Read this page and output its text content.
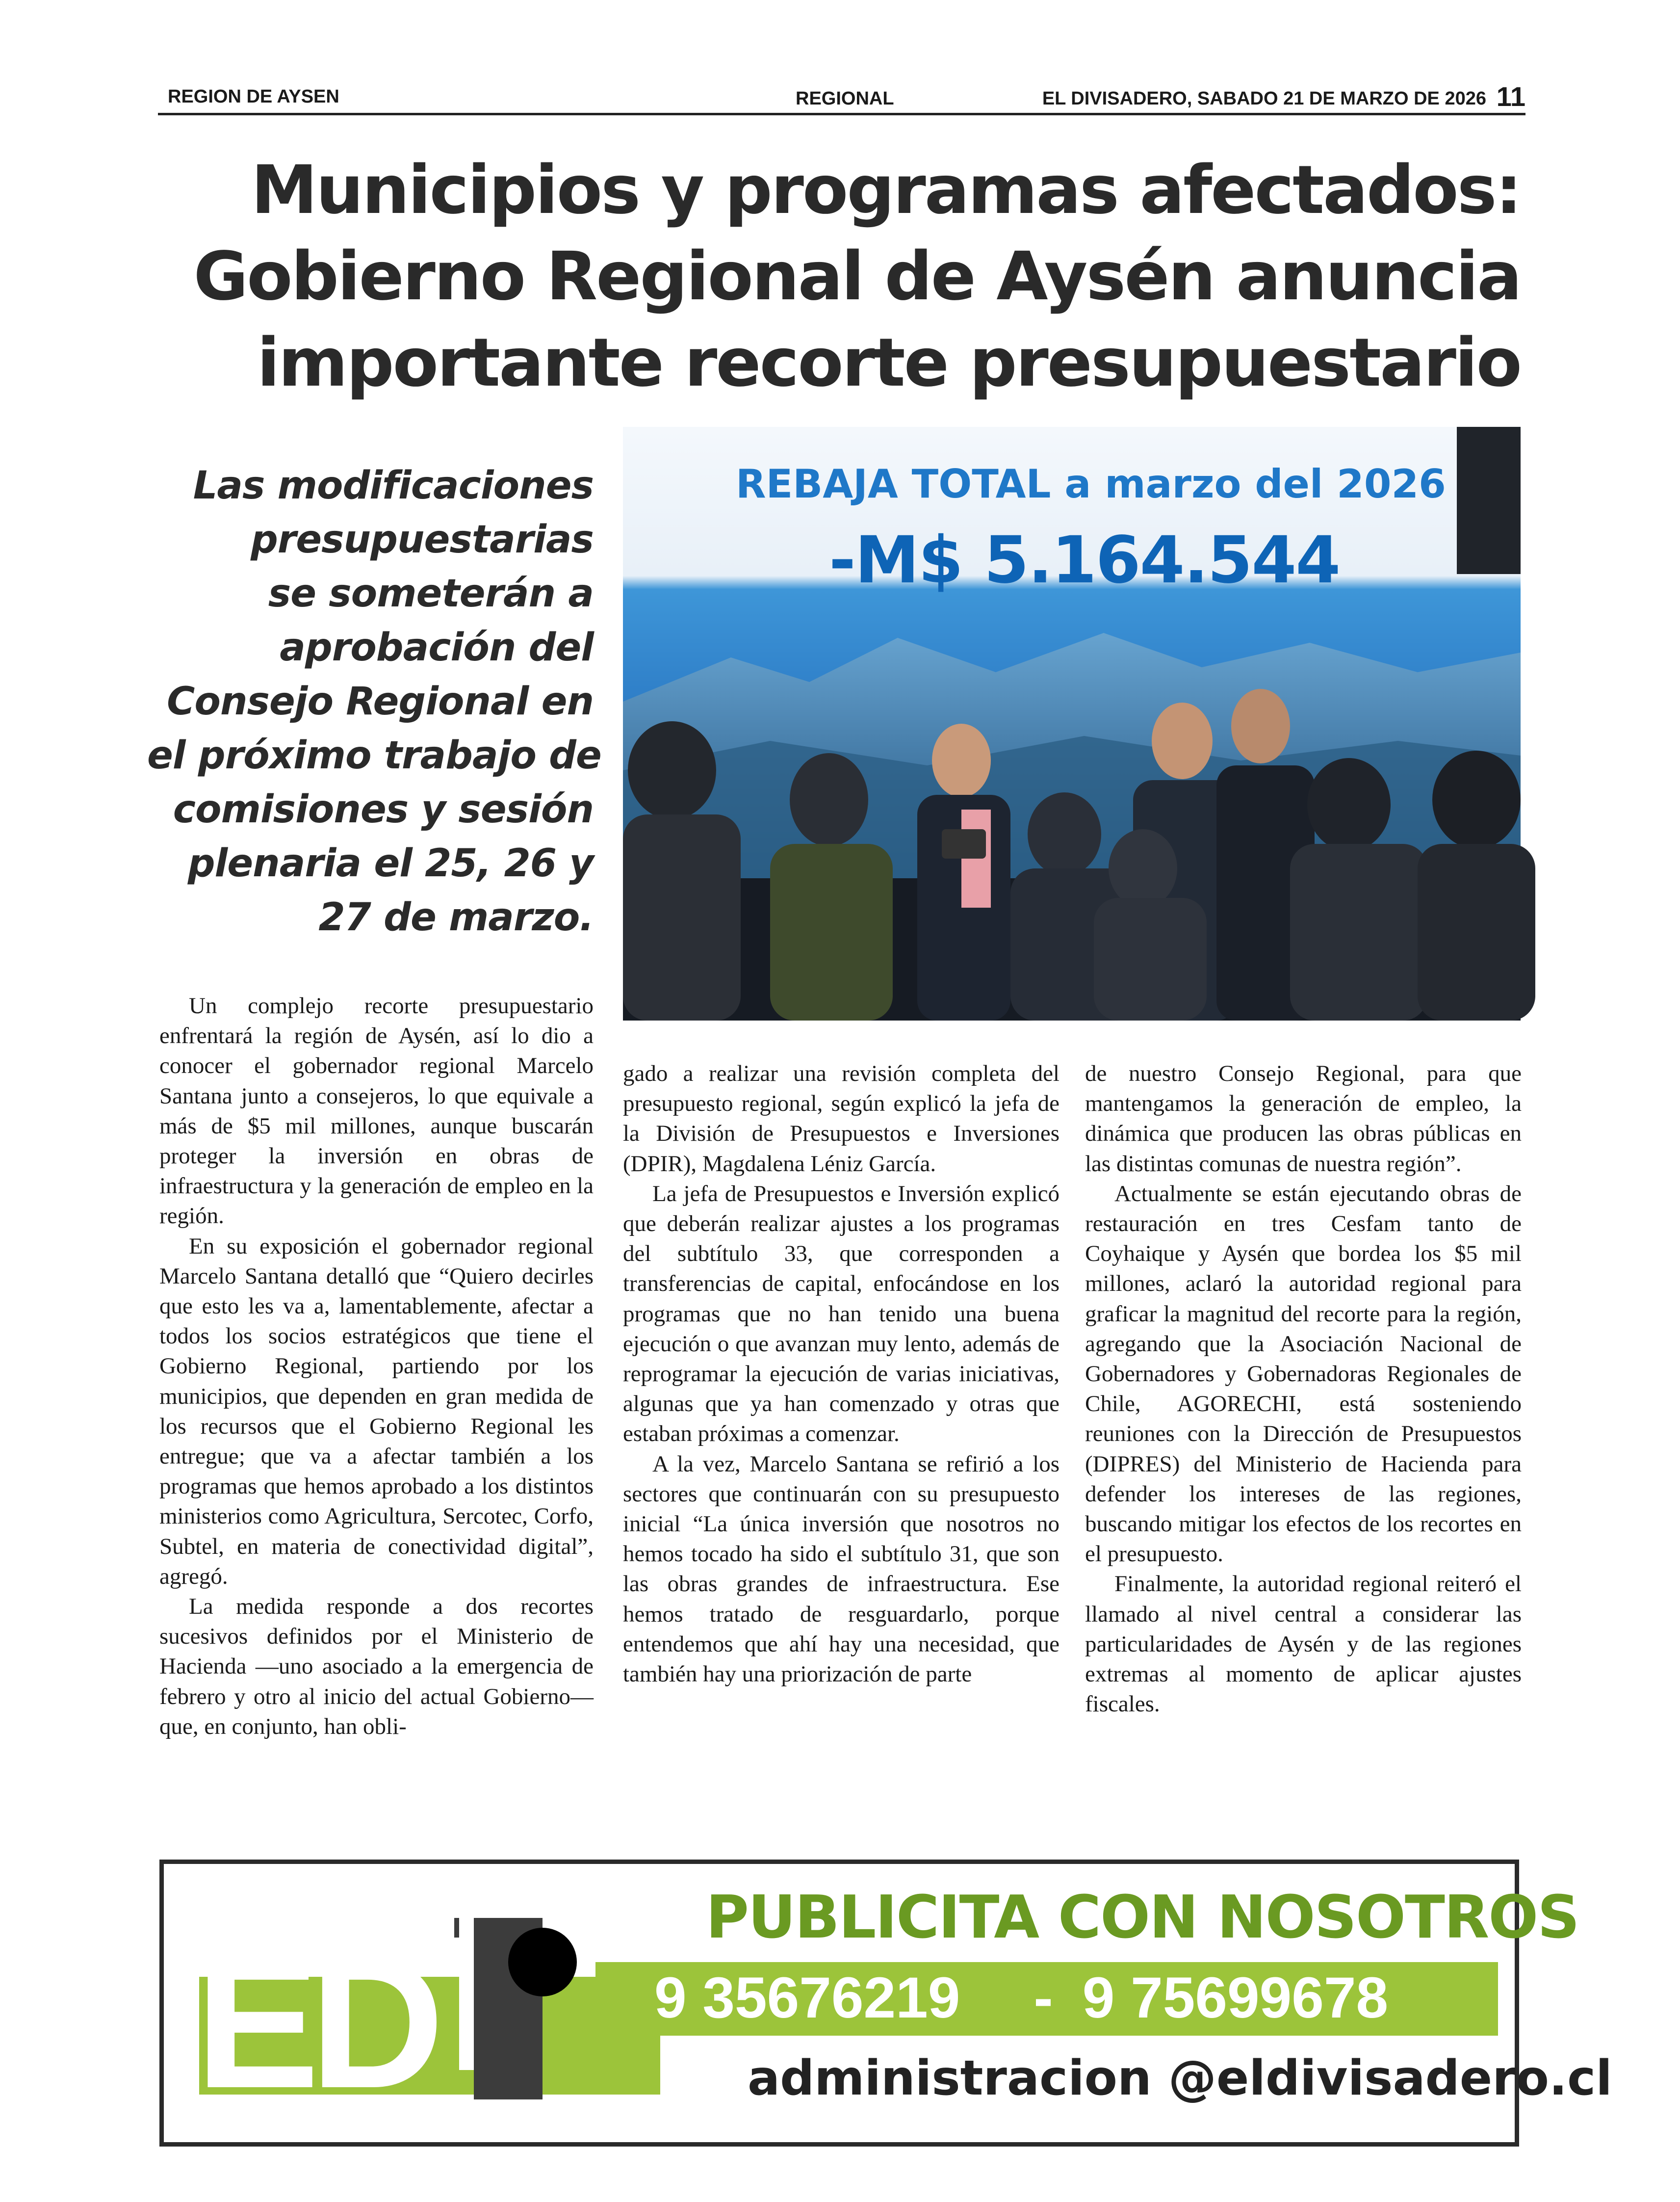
REGION DE AYSEN	REGIONAL	EL DIVISADERO, SABADO 21 DE MARZO DE 2026 11
Municipios y programas afectados:
Gobierno Regional de Aysén anuncia
importante recorte presupuestario
Las modificaciones
presupuestarias
se someterán a
aprobación del
Consejo Regional en
el próximo trabajo de
comisiones y sesión
plenaria el 25, 26 y
27 de marzo.
REBAJA TOTAL a marzo del 2026
-M$ 5.164.544

Un complejo recorte presupuestario enfrentará la región de Aysén, así lo dio a conocer el gobernador regional Marcelo Santana junto a consejeros, lo que equivale a más de $5 mil millones, aunque buscarán proteger la inversión en obras de infraestructura y la generación de empleo en la región.

En su exposición el gobernador regional Marcelo Santana detalló que “Quiero decirles que esto les va a, lamentablemente, afectar a todos los socios estratégicos que tiene el Gobierno Regional, partiendo por los municipios, que dependen en gran medida de los recursos que el Gobierno Regional les entregue; que va a afectar también a los programas que hemos aprobado a los distintos ministerios como Agricultura, Sercotec, Corfo, Subtel, en materia de conectividad digital”, agregó.

La medida responde a dos recortes sucesivos definidos por el Ministerio de Hacienda —uno asociado a la emergencia de febrero y otro al inicio del actual Gobierno— que, en conjunto, han obli-

gado a realizar una revisión completa del presupuesto regional, según explicó la jefa de la División de Presupuestos e Inversiones (DPIR), Magdalena Léniz García.

La jefa de Presupuestos e Inversión explicó que deberán realizar ajustes a los programas del subtítulo 33, que corresponden a transferencias de capital, enfocándose en los programas que no han tenido una buena ejecución o que avanzan muy lento, además de reprogramar la ejecución de varias iniciativas, algunas que ya han comenzado y otras que estaban próximas a comenzar.

A la vez, Marcelo Santana se refirió a los sectores que continuarán con su presupuesto inicial “La única inversión que nosotros no hemos tocado ha sido el subtítulo 31, que son las obras grandes de infraestructura. Ese hemos tratado de resguardarlo, porque entendemos que ahí hay una necesidad, que también hay una priorización de parte

de nuestro Consejo Regional, para que mantengamos la generación de empleo, la dinámica que producen las obras públicas en las distintas comunas de nuestra región”.

Actualmente se están ejecutando obras de restauración en tres Cesfam tanto de Coyhaique y Aysén que bordea los $5 mil millones, aclaró la autoridad regional para graficar la magnitud del recorte para la región, agregando que la Asociación Nacional de Gobernadores y Gobernadoras Regionales de Chile, AGORECHI, está sosteniendo reuniones con la Dirección de Presupuestos (DIPRES) del Ministerio de Hacienda para defender los intereses de las regiones, buscando mitigar los efectos de los recortes en el presupuesto.

Finalmente, la autoridad regional reiteró el llamado al nivel central a considerar las particularidades de Aysén y de las regiones extremas al momento de aplicar ajustes fiscales.

ED
PUBLICITA CON NOSOTROS
9 35676219 - 9 75699678
administracion @eldivisadero.cl
